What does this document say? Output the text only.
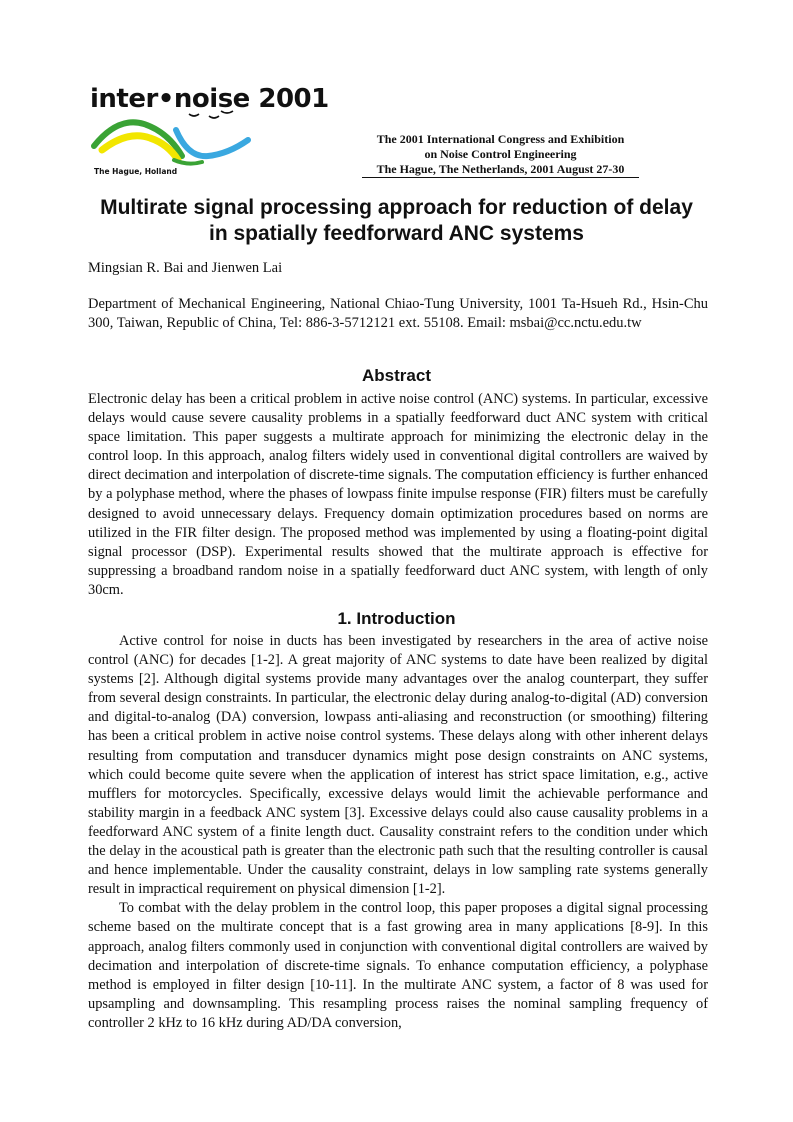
inter•noise 2001
The Hague, Holland
The 2001 International Congress and Exhibition
on Noise Control Engineering
The Hague, The Netherlands, 2001 August 27-30
Multirate signal processing approach for reduction of delay
in spatially feedforward ANC systems
Mingsian R. Bai and Jienwen Lai
Department of Mechanical Engineering, National Chiao-Tung University, 1001 Ta-Hsueh Rd., Hsin-Chu 300, Taiwan, Republic of China, Tel: 886-3-5712121 ext. 55108. Email: msbai@cc.nctu.edu.tw
Abstract

Electronic delay has been a critical problem in active noise control (ANC) systems. In particular, excessive delays would cause severe causality problems in a spatially feedforward duct ANC system with critical space limitation. This paper suggests a multirate approach for minimizing the electronic delay in the control loop. In this approach, analog filters widely used in conventional digital controllers are waived by direct decimation and interpolation of discrete-time signals. The computation efficiency is further enhanced by a polyphase method, where the phases of lowpass finite impulse response (FIR) filters must be carefully designed to avoid unnecessary delays. Frequency domain optimization procedures based on norms are utilized in the FIR filter design. The proposed method was implemented by using a floating-point digital signal processor (DSP). Experimental results showed that the multirate approach is effective for suppressing a broadband random noise in a spatially feedforward duct ANC system, with length of only 30cm.

1. Introduction

Active control for noise in ducts has been investigated by researchers in the area of active noise control (ANC) for decades [1-2]. A great majority of ANC systems to date have been realized by digital systems [2]. Although digital systems provide many advantages over the analog counterpart, they suffer from several design constraints. In particular, the electronic delay during analog-to-digital (AD) conversion and digital-to-analog (DA) conversion, lowpass anti-aliasing and reconstruction (or smoothing) filtering has been a critical problem in active noise control systems. These delays along with other inherent delays resulting from computation and transducer dynamics might pose design constraints on ANC systems, which could become quite severe when the application of interest has strict space limitation, e.g., active mufflers for motorcycles. Specifically, excessive delays would limit the achievable performance and stability margin in a feedback ANC system [3]. Excessive delays could also cause causality problems in a feedforward ANC system of a finite length duct. Causality constraint refers to the condition under which the delay in the acoustical path is greater than the electronic path such that the resulting controller is causal and hence implementable. Under the causality constraint, delays in low sampling rate systems generally result in impractical requirement on physical dimension [1-2].

To combat with the delay problem in the control loop, this paper proposes a digital signal processing scheme based on the multirate concept that is a fast growing area in many applications [8-9]. In this approach, analog filters commonly used in conjunction with conventional digital controllers are waived by decimation and interpolation of discrete-time signals. To enhance computation efficiency, a polyphase method is employed in filter design [10-11]. In the multirate ANC system, a factor of 8 was used for upsampling and downsampling. This resampling process raises the nominal sampling frequency of controller 2 kHz to 16 kHz during AD/DA conversion,
